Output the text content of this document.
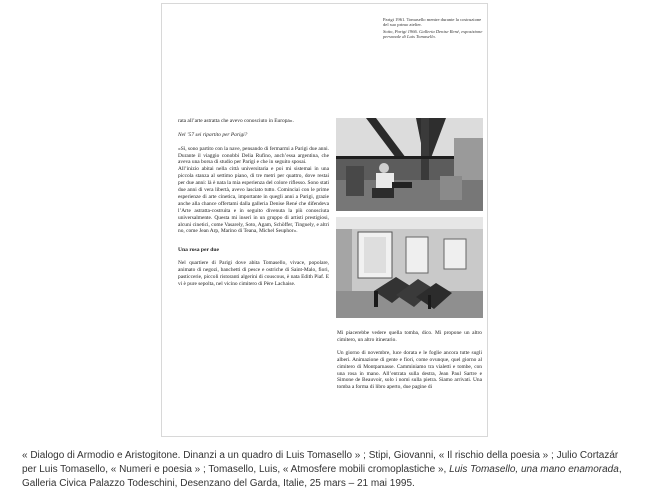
Parigi 1961. Tomasello mentre durante la costruzione del suo primo atelier.

Sotto, Parigi 1966. Galleria Denise René, esposizione personale di Luis Tomasello.

rata all’arte astratta che avevo conosciuto in Europa».

Nel ’57 sei ripartito per Parigi?

«Sì, sono partito con la nave, pensando di fermarmi a Parigi due anni. Durante il viaggio conobbi Delia Rufino, anch’essa argentina, che aveva una borsa di studio per Parigi e che in seguito sposai.

All’inizio abitai nella città universitaria e poi mi sistemai in una piccola stanza al settimo piano, di tre metri per quattro, dove restai per due anni: là è nata la mia esperienza del colore riflesso. Sono stati due anni di vera libertà, avevo lasciato tutto. Cominciai con le prime esperienze di arte cinetica, importante in quegli anni a Parigi, grazie anche alla chance offertami dalla galleria Denise René che difendeva l’Arte astratta-costruita e in seguito divenuta la più conosciuta universalmente. Questa mi inserì in un gruppo di artisti prestigiosi, alcuni cinetici, come Vasarely, Soto, Agam, Schöffer, Tinguely, e altri no, come Jean Arp, Marino di Teana, Michel Seuphor».

Una rosa per due

Nel quartiere di Parigi dove abita Tomasello, vivace, popolare, animato di negozi, banchetti di pesce e ostriche di Saint-Malo, fiori, pasticcerie, piccoli ristoranti algerini di couscous, è nata Edith Piaf. E vi è pure sepolta, nel vicino cimitero di Père Lachaise.

Mi piacerebbe vedere quella tomba, dico. Mi propone un altro cimitero, un altro itinerario.

Un giorno di novembre, luce dorata e le foglie ancora tutte sugli alberi. Animazione di gente e fiori, come ovunque, quel giorno al cimitero di Montparnasse. Camminiamo tra vialetti e tombe, con una rosa in mano. All’entrata sulla destra, Jean Paul Sartre e Simone de Beauvoir, solo i nomi sulla pietra. Siamo arrivati. Una tomba a forma di libro aperto, due pagine di

« Dialogo di Armodio e Aristogitone. Dinanzi a un quadro di Luis Tomasello » ; Stipi, Giovanni, « Il rischio della poesia » ; Julio Cortazár per Luis Tomasello, « Numeri e poesia » ; Tomasello, Luis, « Atmosfere mobili cromoplastiche », Luis Tomasello, una mano enamorada, Galleria Civica Palazzo Todeschini, Desenzano del Garda, Italie, 25 mars – 21 mai 1995.
